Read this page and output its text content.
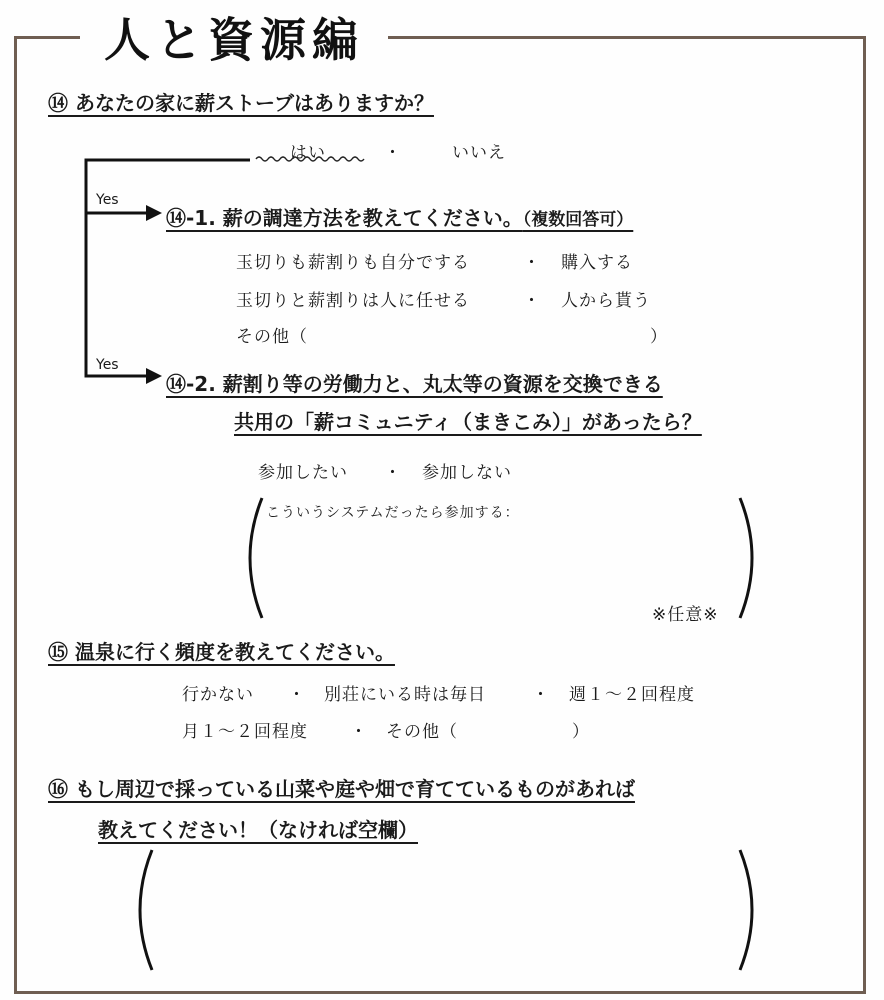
人と資源編
⑭ あなたの家に薪ストーブはありますか？
はい	・	いいえ
Yes
⑭-1. 薪の調達方法を教えてください。（複数回答可）
玉切りも薪割りも自分でする	・ 購入する
玉切りと薪割りは人に任せる	・ 人から貰う
その他（	）
Yes
⑭-2. 薪割り等の労働力と、丸太等の資源を交換できる
共用の「薪コミュニティ（まきこみ）」があったら？
参加したい ・ 参加しない
こういうシステムだったら参加する：
※任意※
⑮ 温泉に行く頻度を教えてください。
行かない ・ 別荘にいる時は毎日	・ 週１～２回程度
月１～２回程度 ・ その他（	）
⑯ もし周辺で採っている山菜や庭や畑で育てているものがあれば
教えてください！（なければ空欄）
